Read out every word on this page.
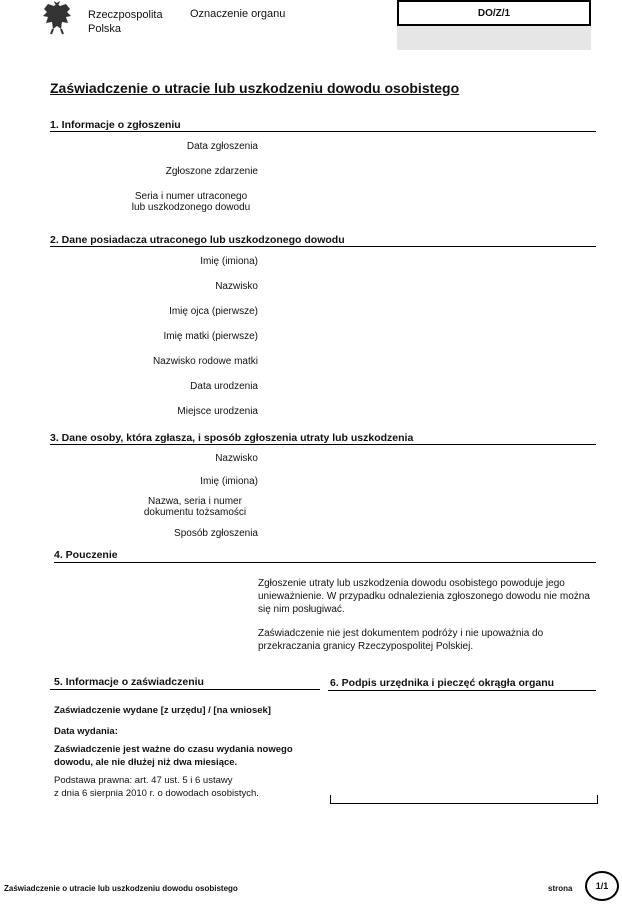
Rzeczpospolita
Polska
Oznaczenie organu	DO/Z/1
Zaświadczenie o utracie lub uszkodzeniu dowodu osobistego
1. Informacje o zgłoszeniu
Data zgłoszenia
Zgłoszone zdarzenie
Seria i numer utraconego
lub uszkodzonego dowodu
2. Dane posiadacza utraconego lub uszkodzonego dowodu
Imię (imiona)
Nazwisko
Imię ojca (pierwsze)
Imię matki (pierwsze)
Nazwisko rodowe matki
Data urodzenia
Miejsce urodzenia
3. Dane osoby, która zgłasza, i sposób zgłoszenia utraty lub uszkodzenia
Nazwisko
Imię (imiona)
Nazwa, seria i numer
dokumentu tożsamości
Sposób zgłoszenia
4. Pouczenie
Zgłoszenie utraty lub uszkodzenia dowodu osobistego powoduje jego
unieważnienie. W przypadku odnalezienia zgłoszonego dowodu nie można
się nim posługiwać.
Zaświadczenie nie jest dokumentem podróży i nie upoważnia do
przekraczania granicy Rzeczypospolitej Polskiej.
5. Informacje o zaświadczeniu
Zaświadczenie wydane [z urzędu] / [na wniosek]
Data wydania:
Zaświadczenie jest ważne do czasu wydania nowego
dowodu, ale nie dłużej niż dwa miesiące.
Podstawa prawna: art. 47 ust. 5 i 6 ustawy
z dnia 6 sierpnia 2010 r. o dowodach osobistych.
6. Podpis urzędnika i pieczęć okrągła organu
Zaświadczenie o utracie lub uszkodzeniu dowodu osobistego	strona	1/1
